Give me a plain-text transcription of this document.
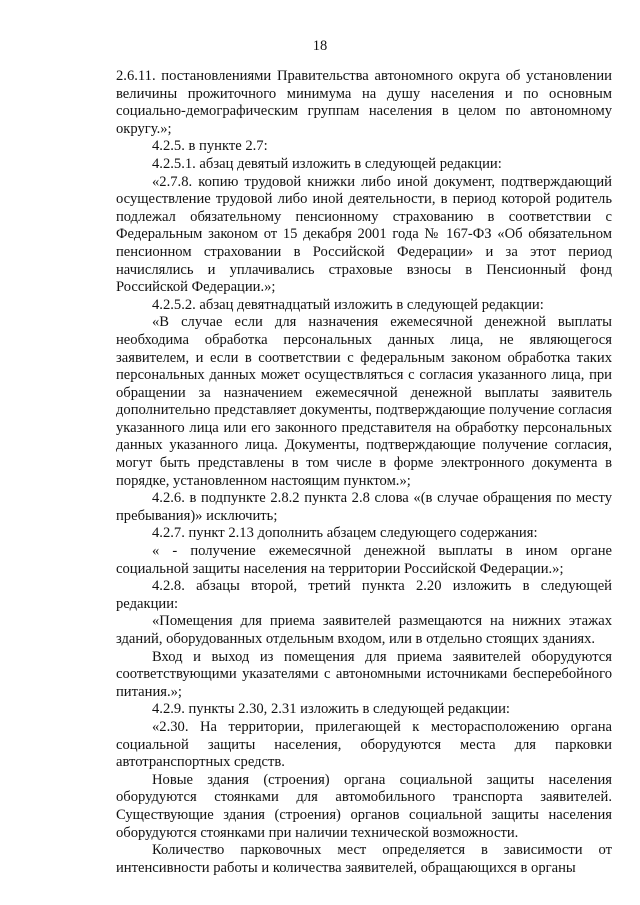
18

2.6.11. постановлениями Правительства автономного округа об установлении величины прожиточного минимума на душу населения и по основным социально-демографическим группам населения в целом по автономному округу.»;

4.2.5. в пункте 2.7:

4.2.5.1. абзац девятый изложить в следующей редакции:

«2.7.8. копию трудовой книжки либо иной документ, подтверждающий осуществление трудовой либо иной деятельности, в период которой родитель подлежал обязательному пенсионному страхованию в соответствии с Федеральным законом от 15 декабря 2001 года № 167-ФЗ «Об обязательном пенсионном страховании в Российской Федерации» и за этот период начислялись и уплачивались страховые взносы в Пенсионный фонд Российской Федерации.»;

4.2.5.2. абзац девятнадцатый изложить в следующей редакции:

«В случае если для назначения ежемесячной денежной выплаты необходима обработка персональных данных лица, не являющегося заявителем, и если в соответствии с федеральным законом обработка таких персональных данных может осуществляться с согласия указанного лица, при обращении за назначением ежемесячной денежной выплаты заявитель дополнительно представляет документы, подтверждающие получение согласия указанного лица или его законного представителя на обработку персональных данных указанного лица. Документы, подтверждающие получение согласия, могут быть представлены в том числе в форме электронного документа в порядке, установленном настоящим пунктом.»;

4.2.6. в подпункте 2.8.2 пункта 2.8 слова «(в случае обращения по месту пребывания)» исключить;

4.2.7. пункт 2.13 дополнить абзацем следующего содержания:

« - получение ежемесячной денежной выплаты в ином органе социальной защиты населения на территории Российской Федерации.»;

4.2.8. абзацы второй, третий пункта 2.20 изложить в следующей редакции:

«Помещения для приема заявителей размещаются на нижних этажах зданий, оборудованных отдельным входом, или в отдельно стоящих зданиях.

Вход и выход из помещения для приема заявителей оборудуются соответствующими указателями с автономными источниками бесперебойного питания.»;

4.2.9. пункты 2.30, 2.31 изложить в следующей редакции:

«2.30. На территории, прилегающей к месторасположению органа социальной защиты населения, оборудуются места для парковки автотранспортных средств.

Новые здания (строения) органа социальной защиты населения оборудуются стоянками для автомобильного транспорта заявителей. Существующие здания (строения) органов социальной защиты населения оборудуются стоянками при наличии технической возможности.

Количество парковочных мест определяется в зависимости от интенсивности работы и количества заявителей, обращающихся в органы
